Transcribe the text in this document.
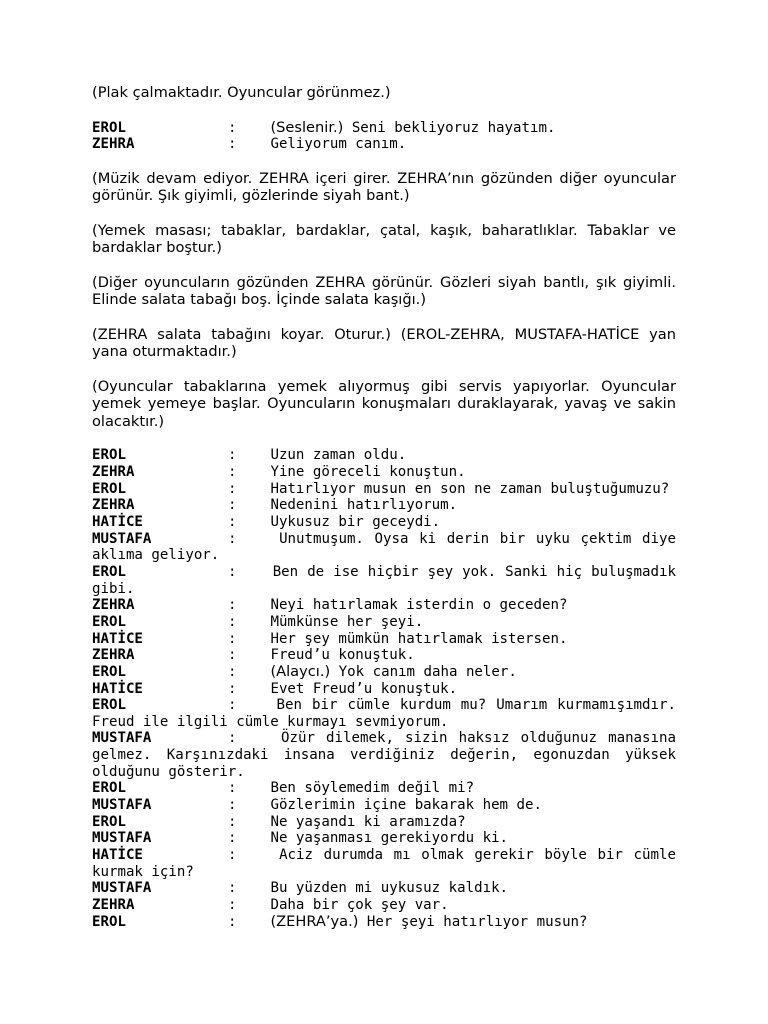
(Plak çalmaktadır. Oyuncular görünmez.)

EROL	: (Seslenir.) Seni bekliyoruz hayatım.
ZEHRA	: Geliyorum canım.

(Müzik devam ediyor. ZEHRA içeri girer. ZEHRA’nın gözünden diğer oyuncular görünür. Şık giyimli, gözlerinde siyah bant.)

(Yemek masası; tabaklar, bardaklar, çatal, kaşık, baharatlıklar. Tabaklar ve bardaklar boştur.)

(Diğer oyuncuların gözünden ZEHRA görünür. Gözleri siyah bantlı, şık giyimli. Elinde salata tabağı boş. İçinde salata kaşığı.)

(ZEHRA salata tabağını koyar. Oturur.) (EROL-ZEHRA, MUSTAFA-HATİCE yan yana oturmaktadır.)

(Oyuncular tabaklarına yemek alıyormuş gibi servis yapıyorlar. Oyuncular yemek yemeye başlar. Oyuncuların konuşmaları duraklayarak, yavaş ve sakin olacaktır.)

EROL	: Uzun zaman oldu.
ZEHRA	: Yine göreceli konuştun.
EROL	: Hatırlıyor musun en son ne zaman buluştuğumuzu?
ZEHRA	: Nedenini hatırlıyorum.
HATİCE	: Uykusuz bir geceydi.
MUSTAFA	:	Unutmuşum. Oysa ki derin bir uyku çektim diye aklıma geliyor.
EROL	:	Ben de ise hiçbir şey yok. Sanki hiç buluşmadık gibi.
ZEHRA	: Neyi hatırlamak isterdin o geceden?
EROL	: Mümkünse her şeyi.
HATİCE	: Her şey mümkün hatırlamak istersen.
ZEHRA	: Freud’u konuştuk.
EROL	: (Alaycı.) Yok canım daha neler.
HATİCE	: Evet Freud’u konuştuk.
EROL	:	Ben bir cümle kurdum mu? Umarım kurmamışımdır. Freud ile ilgili cümle kurmayı sevmiyorum.
MUSTAFA	:	Özür dilemek, sizin haksız olduğunuz manasına gelmez. Karşınızdaki insana verdiğiniz değerin, egonuzdan yüksek olduğunu gösterir.
EROL	: Ben söylemedim değil mi?
MUSTAFA	: Gözlerimin içine bakarak hem de.
EROL	: Ne yaşandı ki aramızda?
MUSTAFA	: Ne yaşanması gerekiyordu ki.
HATİCE	:	Aciz durumda mı olmak gerekir böyle bir cümle kurmak için?
MUSTAFA	: Bu yüzden mi uykusuz kaldık.
ZEHRA	: Daha bir çok şey var.
EROL	: (ZEHRA’ya.) Her şeyi hatırlıyor musun?
